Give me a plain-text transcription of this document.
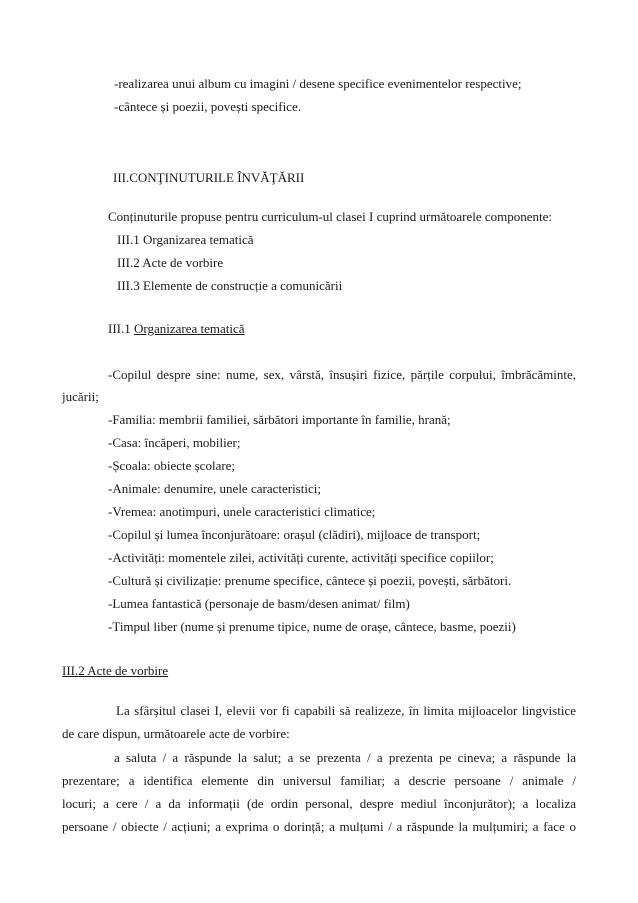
-realizarea unui album cu imagini / desene specifice evenimentelor respective;
-cântece și poezii, povești specifice.
III.CONŢINUTURILE ÎNVĂŢĂRII
Conținuturile propuse pentru curriculum-ul clasei I cuprind următoarele componente:
III.1 Organizarea tematică
III.2 Acte de vorbire
III.3 Elemente de construcție a comunicării
III.1 Organizarea tematică
-Copilul despre sine: nume, sex, vârstă, însușiri fizice, părțile corpului, îmbrăcăminte,
jucării;
-Familia: membrii familiei, sărbători importante în familie, hrană;
-Casa: încăperi, mobilier;
-Școala: obiecte școlare;
-Animale: denumire, unele caracteristici;
-Vremea: anotimpuri, unele caracteristici climatice;
-Copilul și lumea înconjurătoare: orașul (clădiri), mijloace de transport;
-Activități: momentele zilei, activități curente, activități specifice copiilor;
-Cultură și civilizație: prenume specifice, cântece și poezii, povești, sărbători.
-Lumea fantastică (personaje de basm/desen animat/ film)
-Timpul liber (nume și prenume tipice, nume de orașe, cântece, basme, poezii)
III.2 Acte de vorbire
La sfârșitul clasei I, elevii vor fi capabili să realizeze, în limita mijloacelor lingvistice
de care dispun, următoarele acte de vorbire:
a saluta / a răspunde la salut; a se prezenta / a prezenta pe cineva; a răspunde la
prezentare; a identifica elemente din universul familiar; a descrie persoane / animale /
locuri; a cere / a da informații (de ordin personal, despre mediul înconjurător); a localiza
persoane / obiecte / acțiuni; a exprima o dorință; a mulțumi / a răspunde la mulțumiri; a face o
